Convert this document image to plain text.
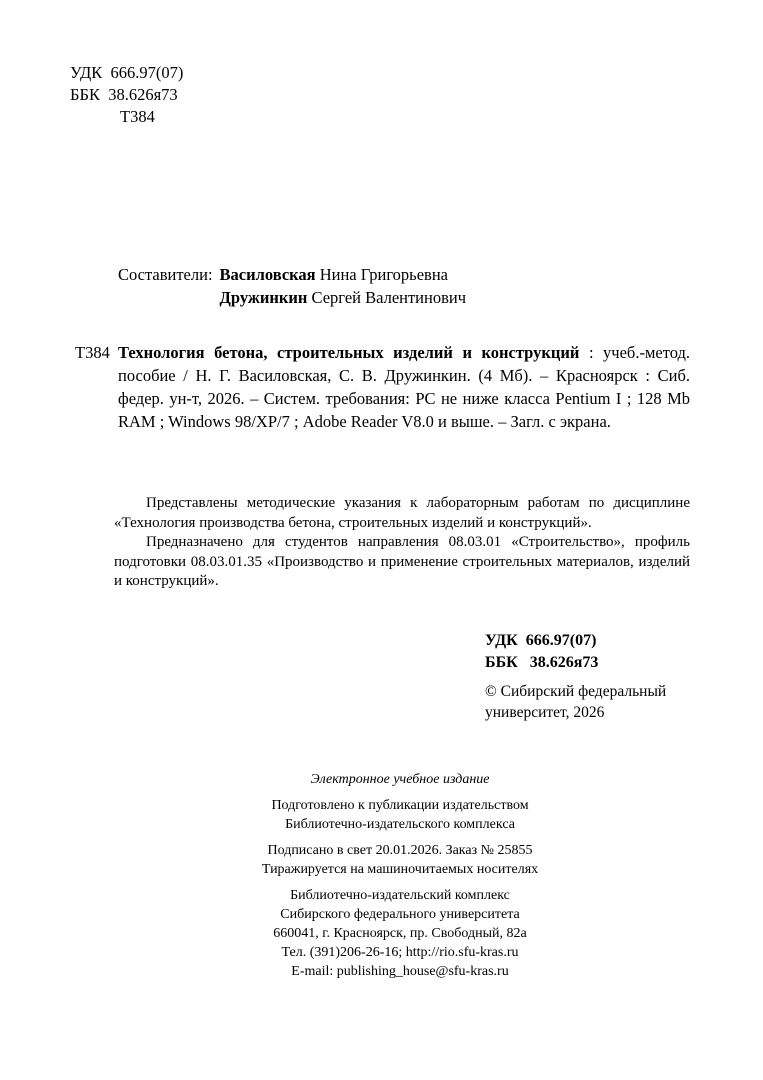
УДК  666.97(07)
ББК  38.626я73
Т384
Составители: Василовская Нина Григорьевна
Дружинкин Сергей Валентинович
Т384 Технология бетона, строительных изделий и конструкций : учеб.-метод. пособие / Н. Г. Василовская, С. В. Дружинкин. (4 Мб). – Красноярск : Сиб. федер. ун-т, 2026. – Систем. требования: PC не ниже класса Pentium I ; 128 Mb RAM ; Windows 98/ХР/7 ; Adobe Reader V8.0 и выше. – Загл. с экрана.

Представлены методические указания к лабораторным работам по дисциплине «Технология производства бетона, строительных изделий и конструкций».

Предназначено для студентов направления 08.03.01 «Строительство», профиль подготовки 08.03.01.35 «Производство и применение строительных материалов, изделий и конструкций».

УДК  666.97(07)
ББК   38.626я73
© Сибирский федеральный
университет, 2026
Электронное учебное издание
Подготовлено к публикации издательством
Библиотечно-издательского комплекса
Подписано в свет 20.01.2026. Заказ № 25855
Тиражируется на машиночитаемых носителях
Библиотечно-издательский комплекс
Сибирского федерального университета
660041, г. Красноярск, пр. Свободный, 82а
Тел. (391)206-26-16; http://rio.sfu-kras.ru
E-mail: publishing_house@sfu-kras.ru
